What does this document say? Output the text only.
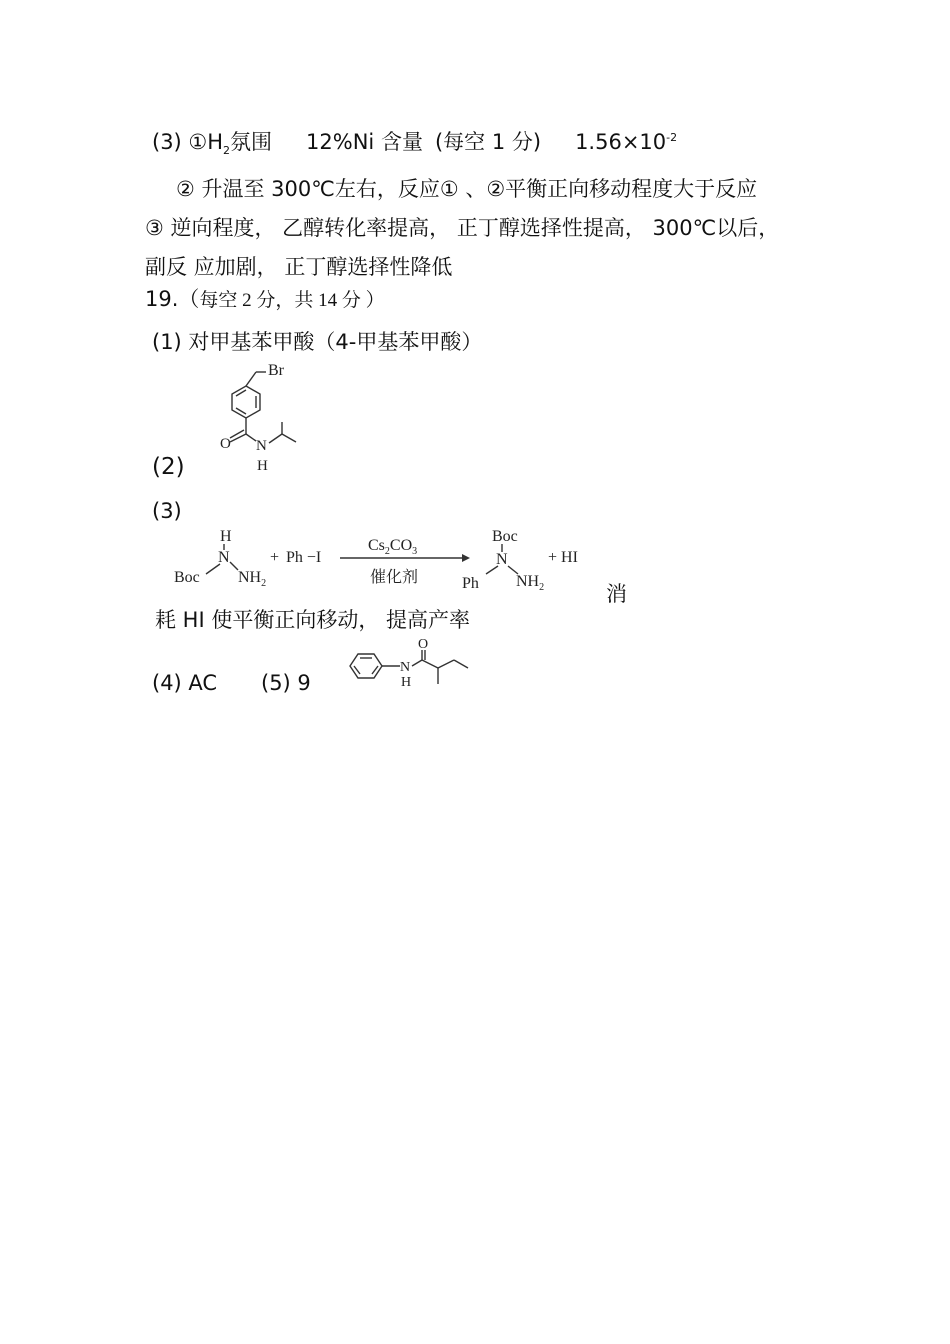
(3) $①H_2$氛围 12%Ni 含量 (每空 1 分) $1.56\times 10^{-2}$
② 升温至 300℃左右，反应① 、②平衡正向移动程度大于反应
③ 逆向程度， 乙醇转化率提高， 正丁醇选择性提高， 300℃以后，
副反 应加剧， 正丁醇选择性降低
19.（每空 2 分，共 14 分 ）
(1) 对甲基苯甲酸（4-甲基苯甲酸）
(2)
Br
O N
H
(3)
H
N
Boc $NH_2$
+ Ph −I
$Cs_2CO_3$
催化剂
Boc
N
Ph $NH_2$
+ HI
消
耗 HI 使平衡正向移动， 提高产率
(4) AC (5) 9
N
H
O
